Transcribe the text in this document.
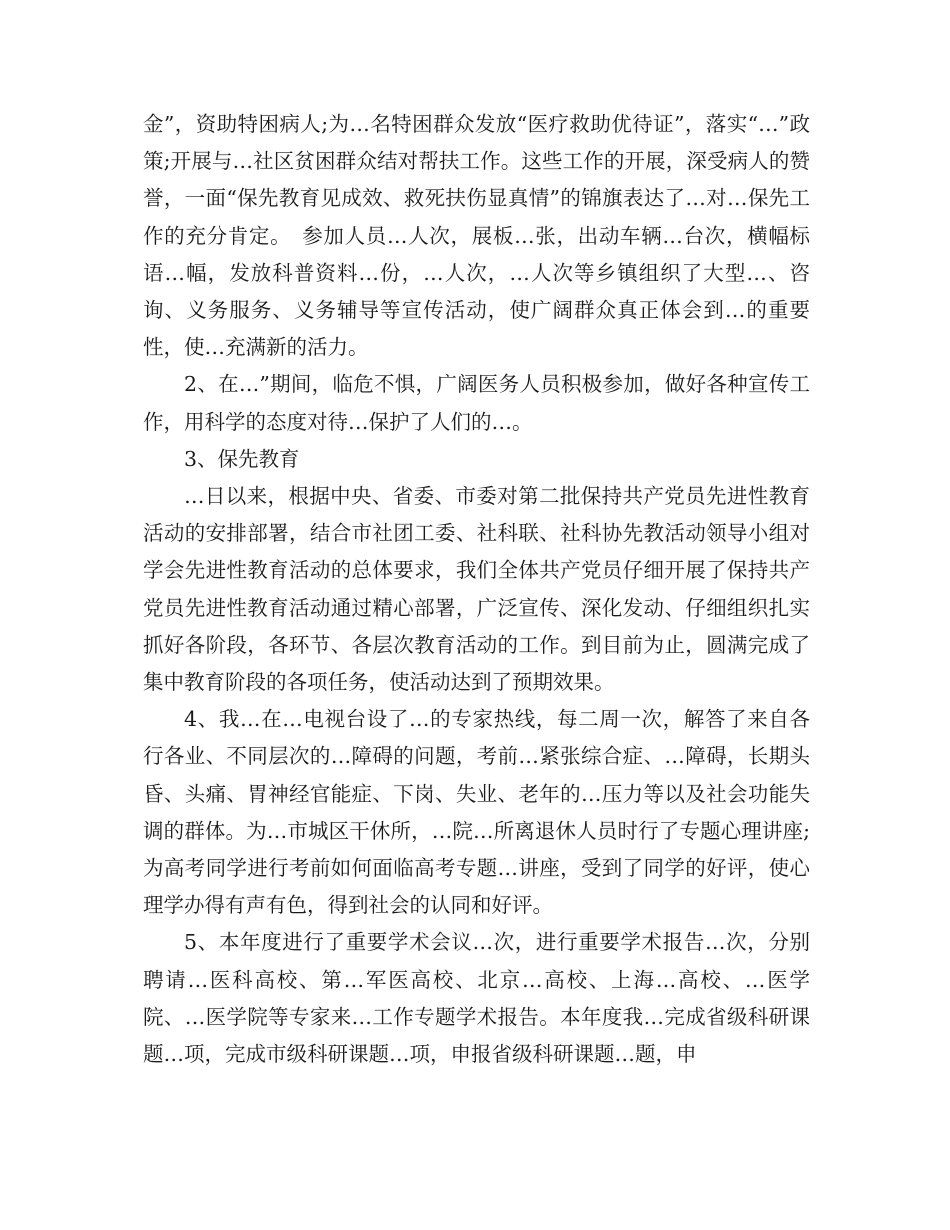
金”，资助特困病人;为…名特困群众发放“医疗救助优待证”，落实“…”政策;开展与…社区贫困群众结对帮扶工作。这些工作的开展，深受病人的赞誉，一面“保先教育见成效、救死扶伤显真情”的锦旗表达了…对…保先工作的充分肯定。　参加人员…人次，展板…张，出动车辆…台次，横幅标语…幅，发放科普资料…份，…人次，…人次等乡镇组织了大型…、咨询、义务服务、义务辅导等宣传活动，使广阔群众真正体会到…的重要性，使…充满新的活力。

2、在…”期间，临危不惧，广阔医务人员积极参加，做好各种宣传工作，用科学的态度对待…保护了人们的…。

3、保先教育

…日以来，根据中央、省委、市委对第二批保持共产党员先进性教育活动的安排部署，结合市社团工委、社科联、社科协先教活动领导小组对学会先进性教育活动的总体要求，我们全体共产党员仔细开展了保持共产党员先进性教育活动通过精心部署，广泛宣传、深化发动、仔细组织扎实抓好各阶段，各环节、各层次教育活动的工作。到目前为止，圆满完成了集中教育阶段的各项任务，使活动达到了预期效果。

4、我…在…电视台设了…的专家热线，每二周一次，解答了来自各行各业、不同层次的…障碍的问题，考前…紧张综合症、…障碍，长期头昏、头痛、胃神经官能症、下岗、失业、老年的…压力等以及社会功能失调的群体。为…市城区干休所，…院…所离退休人员时行了专题心理讲座;为高考同学进行考前如何面临高考专题…讲座，受到了同学的好评，使心理学办得有声有色，得到社会的认同和好评。

5、本年度进行了重要学术会议…次，进行重要学术报告…次，分别聘请…医科高校、第…军医高校、北京…高校、上海…高校、…医学院、…医学院等专家来…工作专题学术报告。本年度我…完成省级科研课题…项，完成市级科研课题…项，申报省级科研课题…题，申
